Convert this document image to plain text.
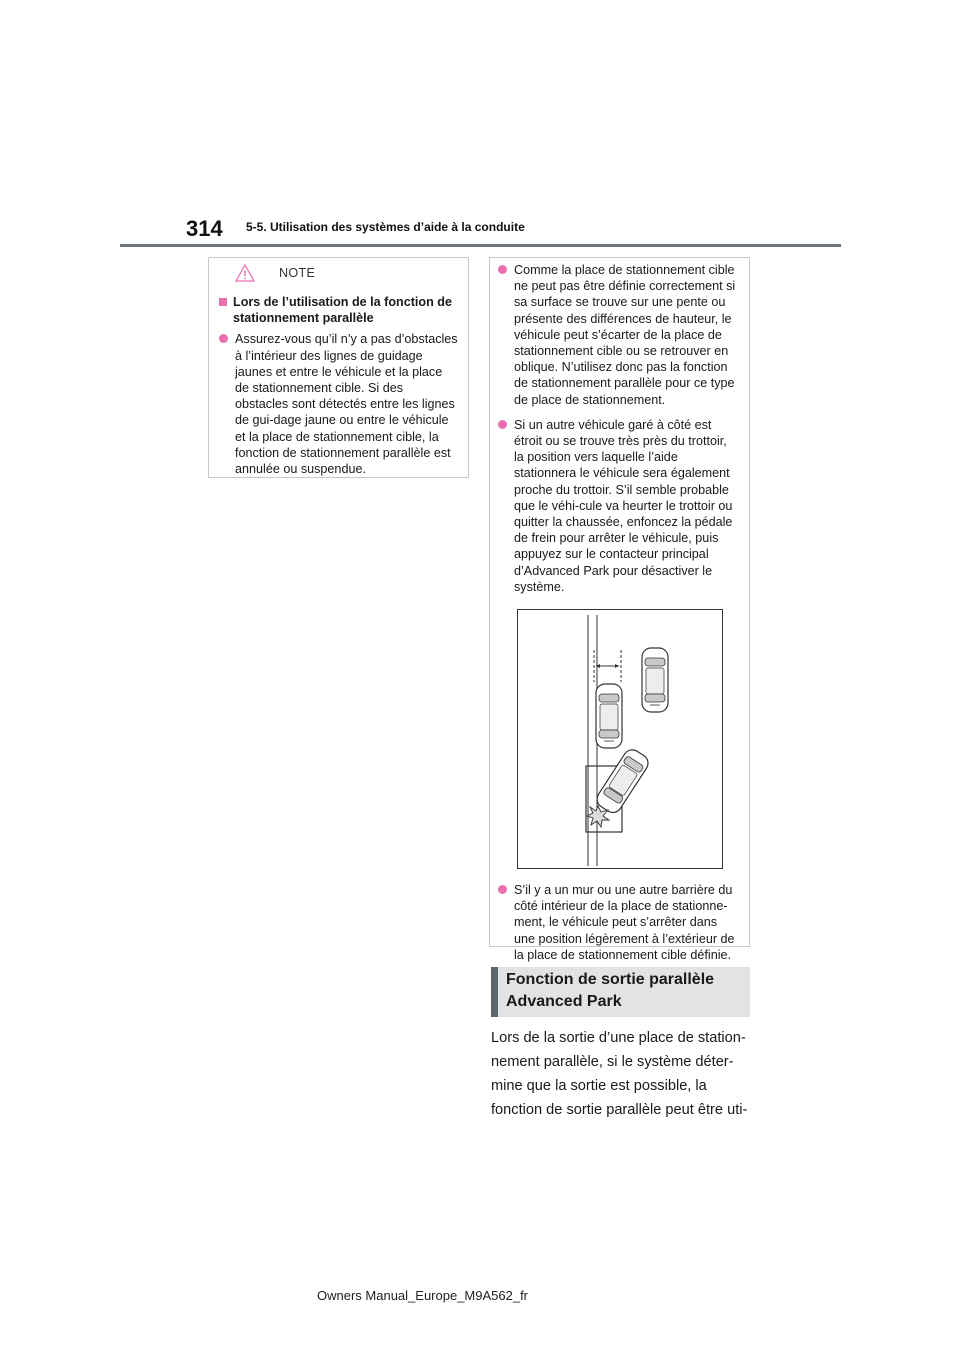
314 5-5. Utilisation des systèmes d’aide à la conduite
NOTE
Lors de l’utilisation de la fonction de stationnement parallèle
Assurez-vous qu’il n’y a pas d’obstacles à l’intérieur des lignes de guidage jaunes et entre le véhicule et la place de stationnement cible. Si des obstacles sont détectés entre les lignes de gui-dage jaune ou entre le véhicule et la place de stationnement cible, la fonction de stationnement parallèle est annulée ou suspendue.
Comme la place de stationnement cible ne peut pas être définie correctement si sa surface se trouve sur une pente ou présente des différences de hauteur, le véhicule peut s’écarter de la place de stationnement cible ou se retrouver en oblique. N’utilisez donc pas la fonction de stationnement parallèle pour ce type de place de stationnement.
Si un autre véhicule garé à côté est étroit ou se trouve très près du trottoir, la position vers laquelle l’aide stationnera le véhicule sera également proche du trottoir. S’il semble probable que le véhi-cule va heurter le trottoir ou quitter la chaussée, enfoncez la pédale de frein pour arrêter le véhicule, puis appuyez sur le contacteur principal d’Advanced Park pour désactiver le système.
S’il y a un mur ou une autre barrière du côté intérieur de la place de stationne-ment, le véhicule peut s’arrêter dans une position légèrement à l’extérieur de la place de stationnement cible définie.
Fonction de sortie parallèle Advanced Park
Lors de la sortie d’une place de station-nement parallèle, si le système déter-mine que la sortie est possible, la fonction de sortie parallèle peut être uti-
Owners Manual_Europe_M9A562_fr
